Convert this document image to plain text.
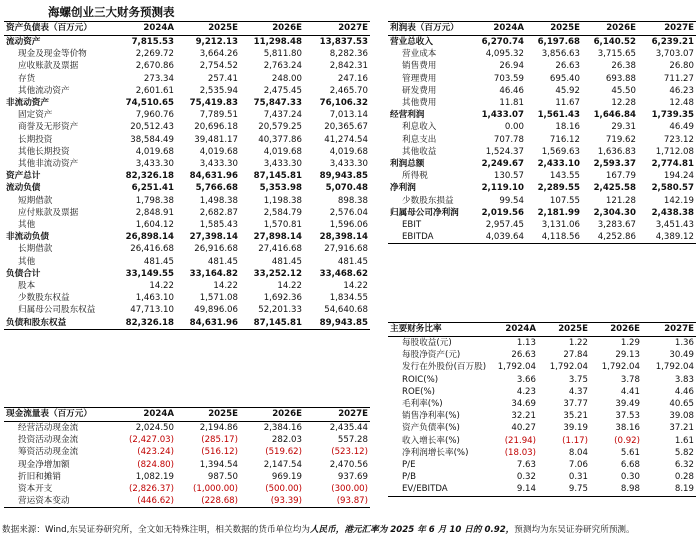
海螺创业三大财务预测表
资产负债表（百万元）	2024A	2025E	2026E	2027E
流动资产	7,815.53	9,212.13	11,298.48	13,837.53
现金及现金等价物	2,269.72	3,664.26	5,811.80	8,282.36
应收账款及票据	2,670.86	2,754.52	2,763.24	2,842.31
存货	273.34	257.41	248.00	247.16
其他流动资产	2,601.61	2,535.94	2,475.45	2,465.70
非流动资产	74,510.65	75,419.83	75,847.33	76,106.32
固定资产	7,960.76	7,789.51	7,437.24	7,013.14
商誉及无形资产	20,512.43	20,696.18	20,579.25	20,365.67
长期投资	38,584.49	39,481.17	40,377.86	41,274.54
其他长期投资	4,019.68	4,019.68	4,019.68	4,019.68
其他非流动资产	3,433.30	3,433.30	3,433.30	3,433.30
资产总计	82,326.18	84,631.96	87,145.81	89,943.85
流动负债	6,251.41	5,766.68	5,353.98	5,070.48
短期借款	1,798.38	1,498.38	1,198.38	898.38
应付账款及票据	2,848.91	2,682.87	2,584.79	2,576.04
其他	1,604.12	1,585.43	1,570.81	1,596.06
非流动负债	26,898.14	27,398.14	27,898.14	28,398.14
长期借款	26,416.68	26,916.68	27,416.68	27,916.68
其他	481.45	481.45	481.45	481.45
负债合计	33,149.55	33,164.82	33,252.12	33,468.62
股本	14.22	14.22	14.22	14.22
少数股东权益	1,463.10	1,571.08	1,692.36	1,834.55
归属母公司股东权益	47,713.10	49,896.06	52,201.33	54,640.68
负债和股东权益	82,326.18	84,631.96	87,145.81	89,943.85
利润表（百万元）	2024A	2025E	2026E	2027E
营业总收入	6,270.74	6,197.68	6,140.52	6,239.21
营业成本	4,095.32	3,856.63	3,715.65	3,703.07
销售费用	26.94	26.63	26.38	26.80
管理费用	703.59	695.40	693.88	711.27
研发费用	46.46	45.92	45.50	46.23
其他费用	11.81	11.67	12.28	12.48
经营利润	1,433.07	1,561.43	1,646.84	1,739.35
利息收入	0.00	18.16	29.31	46.49
利息支出	707.78	716.12	719.62	723.12
其他收益	1,524.37	1,569.63	1,636.83	1,712.08
利润总额	2,249.67	2,433.10	2,593.37	2,774.81
所得税	130.57	143.55	167.79	194.24
净利润	2,119.10	2,289.55	2,425.58	2,580.57
少数股东损益	99.54	107.55	121.28	142.19
归属母公司净利润	2,019.56	2,181.99	2,304.30	2,438.38
EBIT	2,957.45	3,131.06	3,283.67	3,451.43
EBITDA	4,039.64	4,118.56	4,252.86	4,389.12
主要财务比率	2024A	2025E	2026E	2027E
每股收益(元)	1.13	1.22	1.29	1.36
每股净资产(元)	26.63	27.84	29.13	30.49
发行在外股份(百万股)	1,792.04	1,792.04	1,792.04	1,792.04
ROIC(%)	3.66	3.75	3.78	3.83
ROE(%)	4.23	4.37	4.41	4.46
毛利率(%)	34.69	37.77	39.49	40.65
销售净利率(%)	32.21	35.21	37.53	39.08
资产负债率(%)	40.27	39.19	38.16	37.21
收入增长率(%)	(21.94)	(1.17)	(0.92)	1.61
净利润增长率(%)	(18.03)	8.04	5.61	5.82
P/E	7.63	7.06	6.68	6.32
P/B	0.32	0.31	0.30	0.28
EV/EBITDA	9.14	9.75	8.98	8.19
现金流量表（百万元）	2024A	2025E	2026E	2027E
经营活动现金流	2,024.50	2,194.86	2,384.16	2,435.44
投资活动现金流	(2,427.03)	(285.17)	282.03	557.28
筹资活动现金流	(423.24)	(516.12)	(519.62)	(523.12)
现金净增加额	(824.80)	1,394.54	2,147.54	2,470.56
折旧和摊销	1,082.19	987.50	969.19	937.69
资本开支	(2,826.37)	(1,000.00)	(500.00)	(300.00)
营运资本变动	(446.62)	(228.68)	(93.39)	(93.87)
数据来源：Wind,东吴证券研究所，全文如无特殊注明，相关数据的货币单位均为人民币，港元汇率为 2025 年 6 月 10 日的 0.92，预测均为东吴证券研究所预测。
